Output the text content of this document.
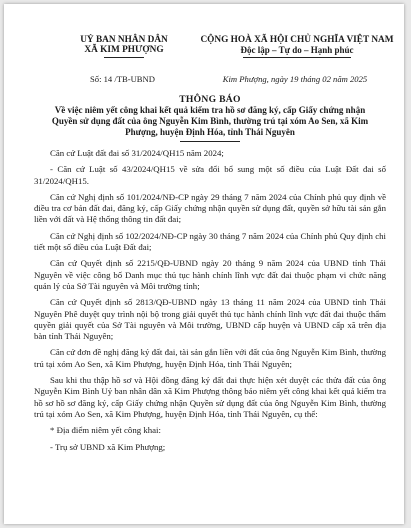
UỶ BAN NHÂN DÂN
XÃ KIM PHƯỢNG
CỘNG HOÀ XÃ HỘI CHỦ NGHĨA VIỆT NAM
Độc lập – Tự do – Hạnh phúc
Số: 14 /TB-UBND	Kim Phượng, ngày 19 tháng 02 năm 2025
THÔNG BÁO
Về việc niêm yết công khai kết quả kiểm tra hồ sơ đăng ký, cấp Giấy chứng nhận Quyền sử dụng đất của ông Nguyễn Kim Bình, thường trú tại xóm Ao Sen, xã Kim Phượng, huyện Định Hóa, tỉnh Thái Nguyên

Căn cứ Luật đất đai số 31/2024/QH15 năm 2024;

- Căn cứ Luật số 43/2024/QH15 về sửa đổi bổ sung một số điều của Luật Đất đai số 31/2024/QH15.

Căn cứ Nghị định số 101/2024/NĐ-CP ngày 29 tháng 7 năm 2024 của Chính phủ quy định về điều tra cơ bản đất đai, đăng ký, cấp Giấy chứng nhận quyền sử dụng đất, quyền sở hữu tài sản gắn liền với đất và Hệ thống thông tin đất đai;

Căn cứ Nghị định số 102/2024/NĐ-CP ngày 30 tháng 7 năm 2024 của Chính phủ Quy định chi tiết một số điều của Luật Đất đai;

Căn cứ Quyết định số 2215/QĐ-UBND ngày 20 tháng 9 năm 2024 của UBND tỉnh Thái Nguyên về việc công bố Danh mục thủ tục hành chính lĩnh vực đất đai thuộc phạm vi chức năng quản lý của Sở Tài nguyên và Môi trường tỉnh;

Căn cứ Quyết định số 2813/QĐ-UBND ngày 13 tháng 11 năm 2024 của UBND tỉnh Thái Nguyên Phê duyệt quy trình nội bộ trong giải quyết thủ tục hành chính lĩnh vực đất đai thuộc thẩm quyền giải quyết của Sở Tài nguyên và Môi trường, UBND cấp huyện và UBND cấp xã trên địa bàn tỉnh Thái Nguyên;

Căn cứ đơn đề nghị đăng ký đất đai, tài sản gắn liền với đất của ông Nguyễn Kim Bình, thường trú tại xóm Ao Sen, xã Kim Phượng, huyện Định Hóa, tỉnh Thái Nguyên;

Sau khi thu thập hồ sơ và Hội đồng đăng ký đất đai thực hiện xét duyệt các thửa đất của ông Nguyễn Kim Bình Uỷ ban nhân dân xã Kim Phượng thông báo niêm yết công khai kết quả kiểm tra hồ sơ hồ sơ đăng ký, cấp Giấy chứng nhận Quyền sử dụng đất của ông Nguyễn Kim Bình, thường trú tại xóm Ao Sen, xã Kim Phượng, huyện Định Hóa, tỉnh Thái Nguyên, cụ thể:

* Địa điểm niêm yết công khai:

- Trụ sở UBND xã Kim Phượng;
